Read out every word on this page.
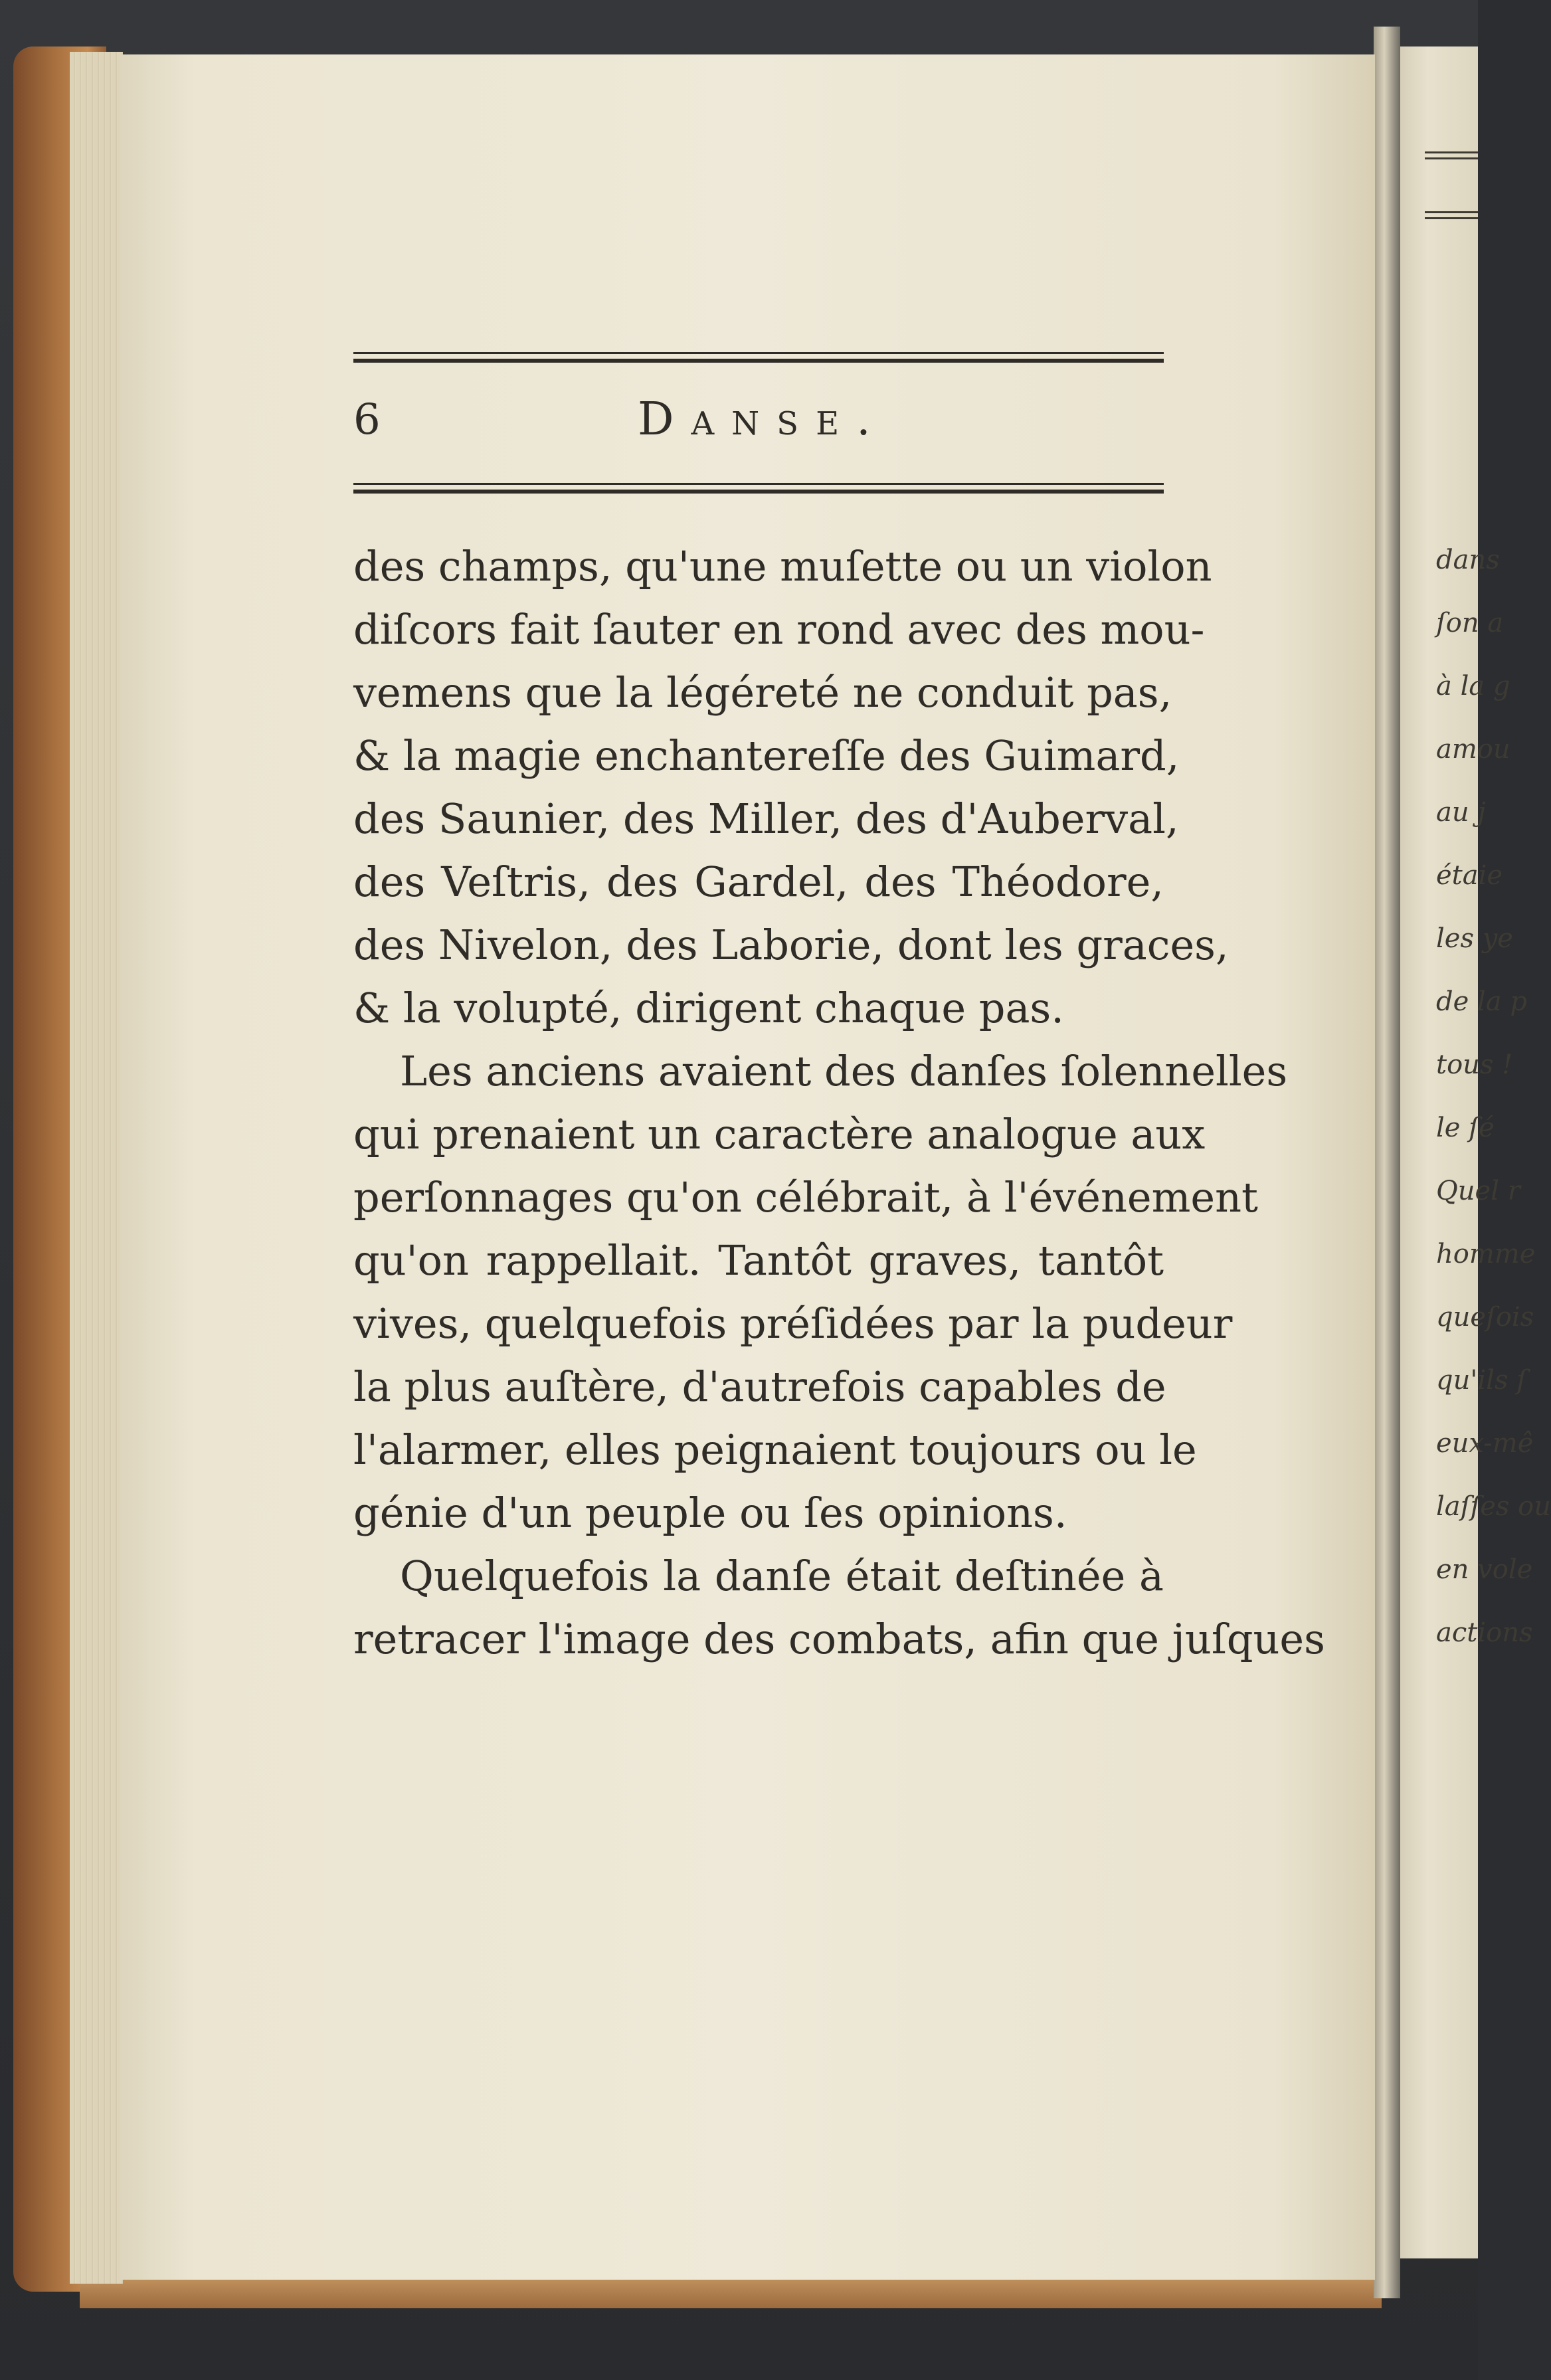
dans
ſon a
à la g
amou
au j
étaie
les ye
de la p
tous !
le ſé
Quel r
homme
queſois
qu'ils ſ
eux-mê
laſſes ou
en vole
actions
6	Danse.
des champs, qu'une muſette ou un violon
diſcors fait ſauter en rond avec des mou-
vemens que la légéreté ne conduit pas,
& la magie enchantereſſe des Guimard,
des Saunier, des Miller, des d'Auberval,
des Veſtris, des Gardel, des Théodore,
des Nivelon, des Laborie, dont les graces,
& la volupté, dirigent chaque pas.
Les anciens avaient des danſes ſolennelles
qui prenaient un caractère analogue aux
perſonnages qu'on célébrait, à l'événement
qu'on rappellait. Tantôt graves, tantôt
vives, quelquefois préſidées par la pudeur
la plus auſtère, d'autrefois capables de
l'alarmer, elles peignaient toujours ou le
génie d'un peuple ou ſes opinions.
Quelquefois la danſe était deſtinée à
retracer l'image des combats, afin que juſques
